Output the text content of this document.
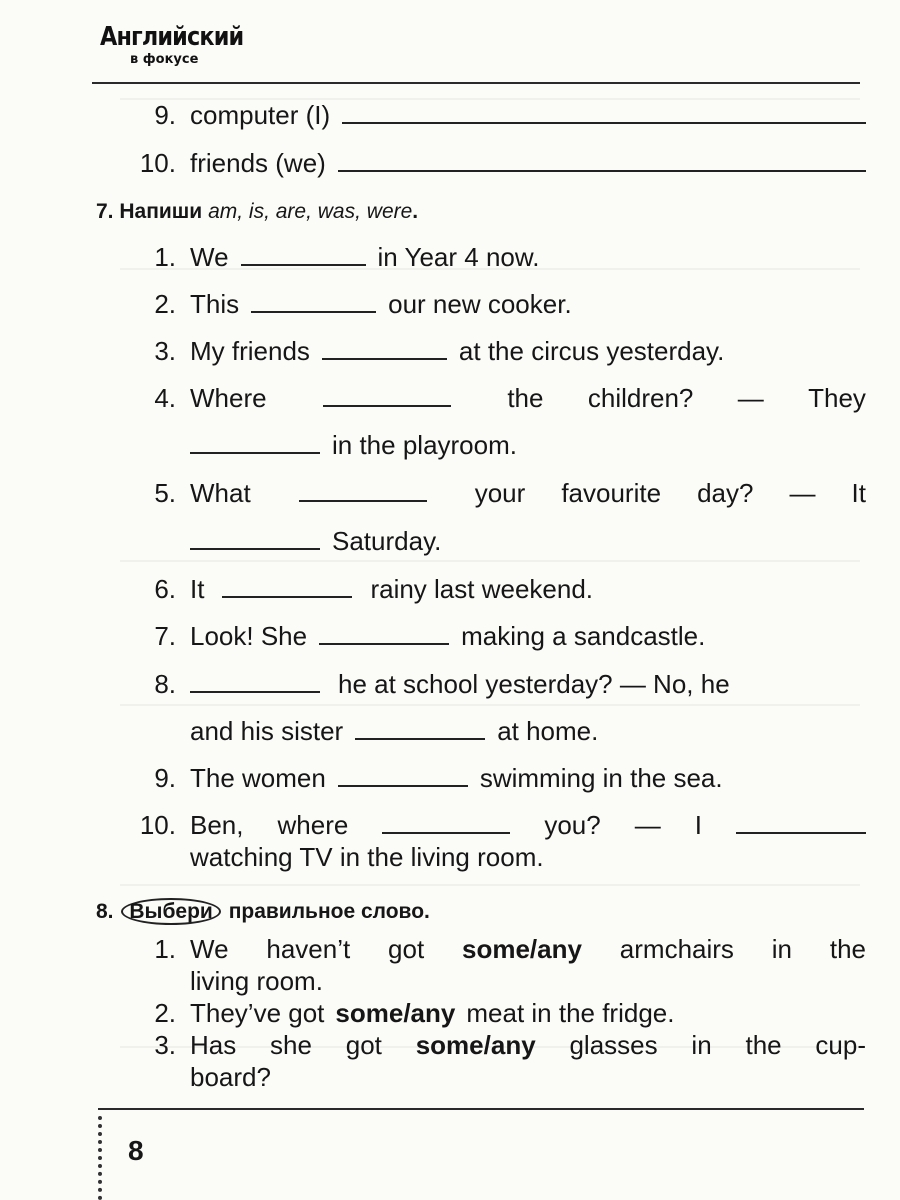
Английский
в фокусе
9. computer (I)
10. friends (we)
7. Напиши am, is, are, was, were.
1. We	in Year 4 now.
2. This	our new cooker.
3. My friends	at the circus yesterday.
4. Where	the children? — They
in the playroom.
5. What	your favourite day? — It
Saturday.
6. It	rainy last weekend.
7. Look! She	making a sandcastle.
8.	he at school yesterday? — No, he
and his sister	at home.
9. The women	swimming in the sea.
10. Ben, where	you? — I
watching TV in the living room.
8. Выбери правильное слово.
1. We haven’t got some/any armchairs in the
living room.
2. They’ve got some/any meat in the fridge.
3. Has she got some/any glasses in the cup-
board?
8
